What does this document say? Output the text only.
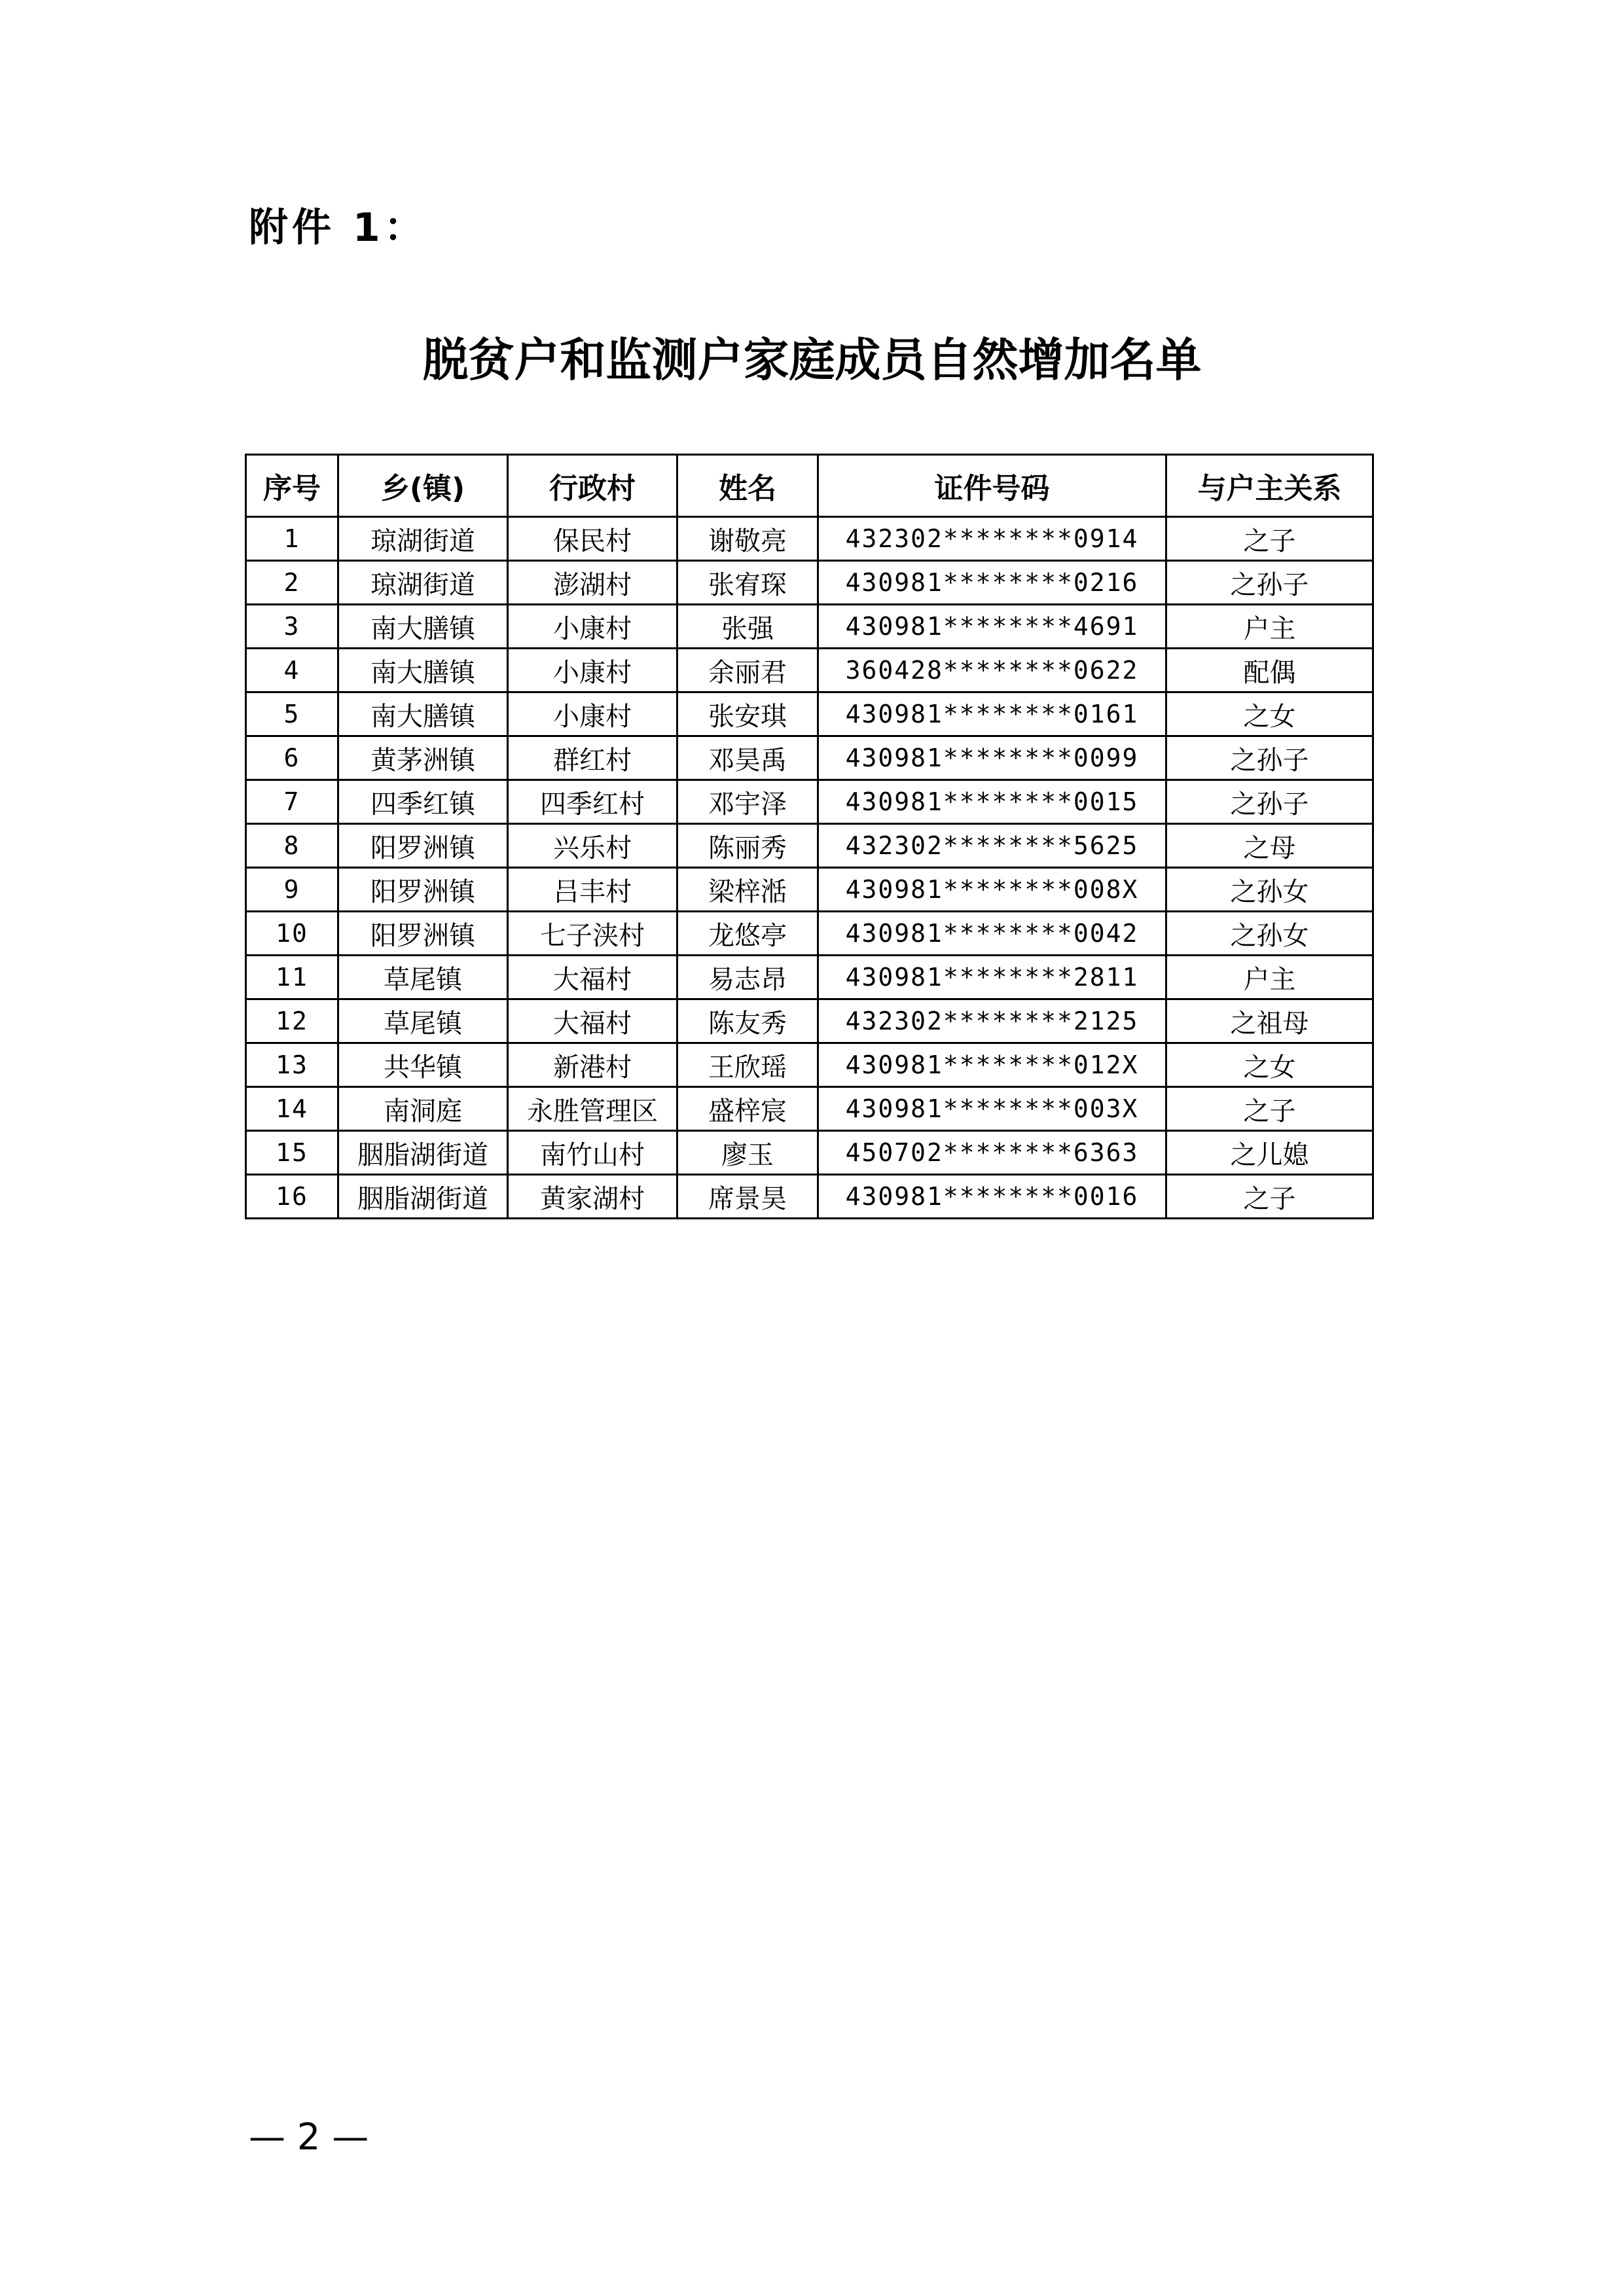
附件 1：
脱贫户和监测户家庭成员自然增加名单
序号	乡(镇)	行政村	姓名	证件号码	与户主关系
1	琼湖街道	保民村	谢敬亮	432302********0914	之子
2	琼湖街道	澎湖村	张宥琛	430981********0216	之孙子
3	南大膳镇	小康村	张强	430981********4691	户主
4	南大膳镇	小康村	余丽君	360428********0622	配偶
5	南大膳镇	小康村	张安琪	430981********0161	之女
6	黄茅洲镇	群红村	邓昊禹	430981********0099	之孙子
7	四季红镇	四季红村	邓宇泽	430981********0015	之孙子
8	阳罗洲镇	兴乐村	陈丽秀	432302********5625	之母
9	阳罗洲镇	吕丰村	梁梓湉	430981********008X	之孙女
10	阳罗洲镇	七子浃村	龙悠亭	430981********0042	之孙女
11	草尾镇	大福村	易志昂	430981********2811	户主
12	草尾镇	大福村	陈友秀	432302********2125	之祖母
13	共华镇	新港村	王欣瑶	430981********012X	之女
14	南洞庭	永胜管理区	盛梓宸	430981********003X	之子
15	胭脂湖街道	南竹山村	廖玉	450702********6363	之儿媳
16	胭脂湖街道	黄家湖村	席景昊	430981********0016	之子
— 2 —
